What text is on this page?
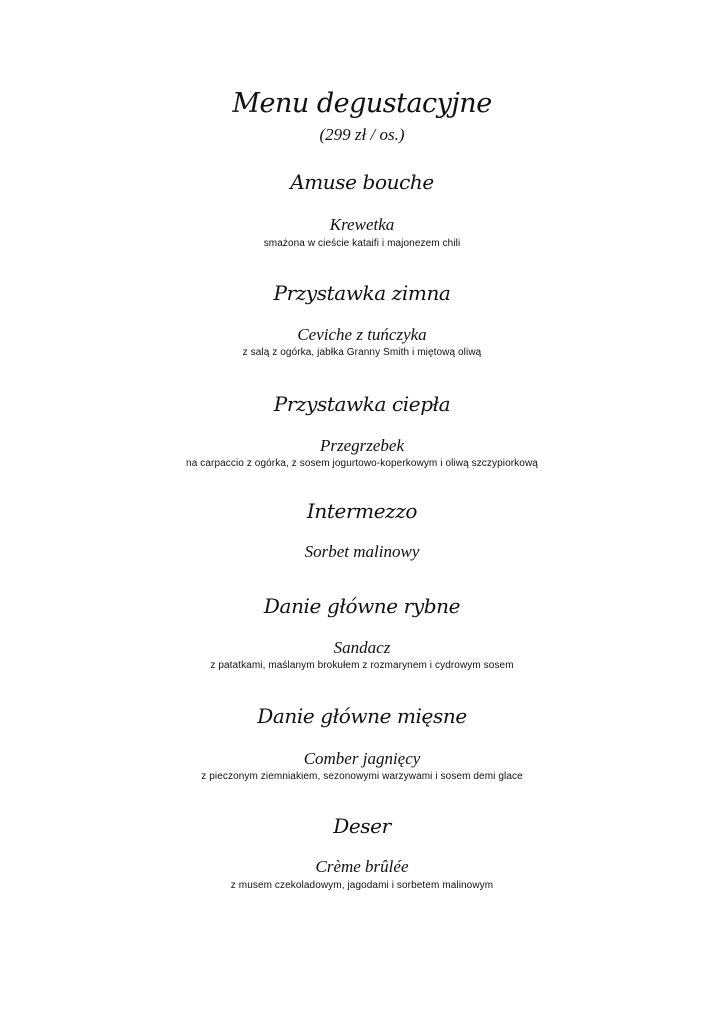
Menu degustacyjne
(299 zł / os.)
Amuse bouche
Krewetka
smażona w cieście kataifi i majonezem chili
Przystawka zimna
Ceviche z tuńczyka
z salą z ogórka, jabłka Granny Smith i miętową oliwą
Przystawka ciepła
Przegrzebek
na carpaccio z ogórka, z sosem jogurtowo-koperkowym i oliwą szczypiorkową
Intermezzo
Sorbet malinowy
Danie główne rybne
Sandacz
z patatkami, maślanym brokułem z rozmarynem i cydrowym sosem
Danie główne mięsne
Comber jagnięcy
z pieczonym ziemniakiem, sezonowymi warzywami i sosem demi glace
Deser
Crème brûlée
z musem czekoladowym, jagodami i sorbetem malinowym
